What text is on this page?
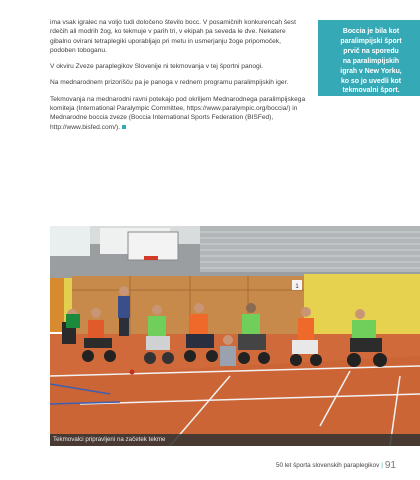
ima vsak igralec na voljo tudi določeno število bocc. V posamičnih konkurencah šest rdečih ali modrih žog, ko tekmuje v parih tri, v ekipah pa seveda le dve. Nekatere gibalno ovirani tetraplegiki uporabljajo pri metu in usmerjanju žoge pripomoček, podoben toboganu.

V okviru Zveze paraplegikov Slovenije ni tekmovanja v tej športni panogi.

Na mednarodnem prizorišču pa je panoga v rednem programu paralimpijskih iger.

Tekmovanja na mednarodni ravni potekajo pod okriljem Mednarodnega paralimpijskega komiteja (International Paralympic Committee, https://www.paralympic.org/boccia/) in Mednarodne boccia zveze (Boccia International Sports Federation (BISFed), http://www.bisfed.com/).

Boccia je bila kot
paralimpijski šport
prvič na sporedu
na paralimpijskih
igrah v New Yorku,
ko so jo uvedli kot
tekmovalni šport.
1
Tekmovalci pripravljeni na začetek tekme
50 let športa slovenskih paraplegikov | 91
